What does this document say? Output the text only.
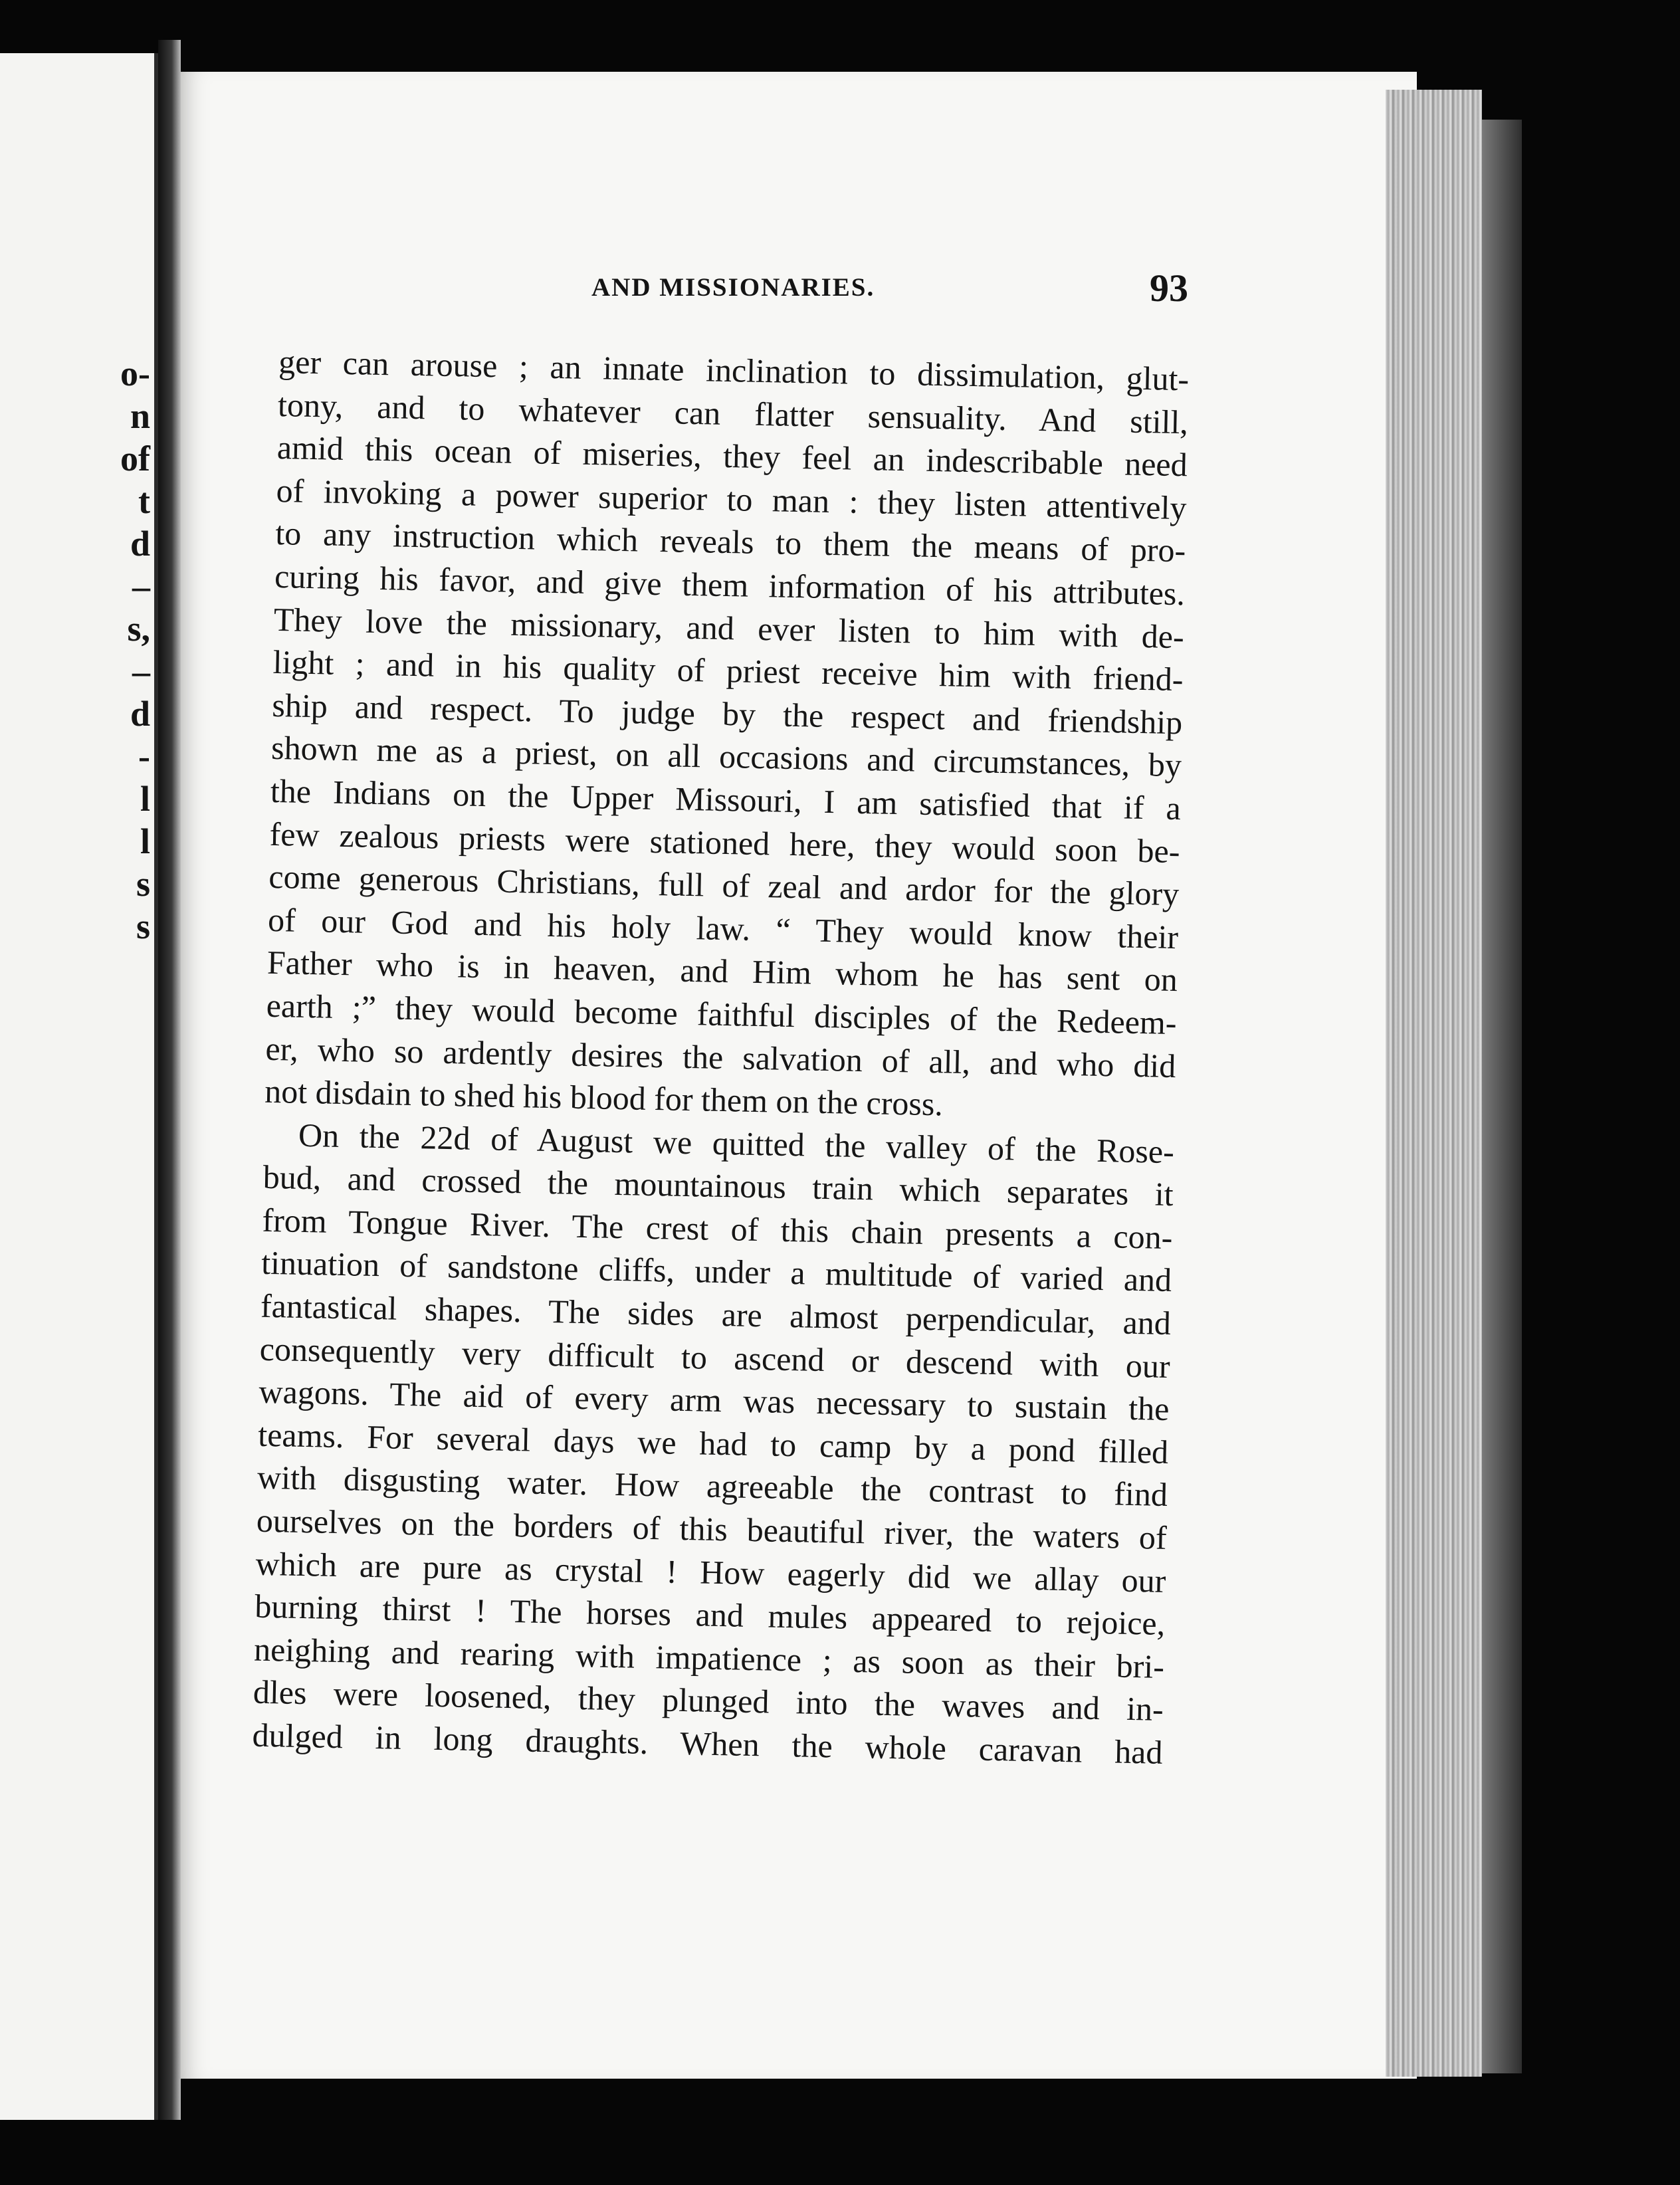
o-
n
of
t
d
–
s,
–
d
-
l
l
s
s
AND MISSIONARIES.	93
ger can arouse ; an innate inclination to dissimulation, glut-
tony, and to whatever can flatter sensuality. And still,
amid this ocean of miseries, they feel an indescribable need
of invoking a power superior to man : they listen attentively
to any instruction which reveals to them the means of pro-
curing his favor, and give them information of his attributes.
They love the missionary, and ever listen to him with de-
light ; and in his quality of priest receive him with friend-
ship and respect. To judge by the respect and friendship
shown me as a priest, on all occasions and circumstances, by
the Indians on the Upper Missouri, I am satisfied that if a
few zealous priests were stationed here, they would soon be-
come generous Christians, full of zeal and ardor for the glory
of our God and his holy law. “ They would know their
Father who is in heaven, and Him whom he has sent on
earth ;” they would become faithful disciples of the Redeem-
er, who so ardently desires the salvation of all, and who did
not disdain to shed his blood for them on the cross.
On the 22d of August we quitted the valley of the Rose-
bud, and crossed the mountainous train which separates it
from Tongue River. The crest of this chain presents a con-
tinuation of sandstone cliffs, under a multitude of varied and
fantastical shapes. The sides are almost perpendicular, and
consequently very difficult to ascend or descend with our
wagons. The aid of every arm was necessary to sustain the
teams. For several days we had to camp by a pond filled
with disgusting water. How agreeable the contrast to find
ourselves on the borders of this beautiful river, the waters of
which are pure as crystal ! How eagerly did we allay our
burning thirst ! The horses and mules appeared to rejoice,
neighing and rearing with impatience ; as soon as their bri-
dles were loosened, they plunged into the waves and in-
dulged in long draughts. When the whole caravan had
